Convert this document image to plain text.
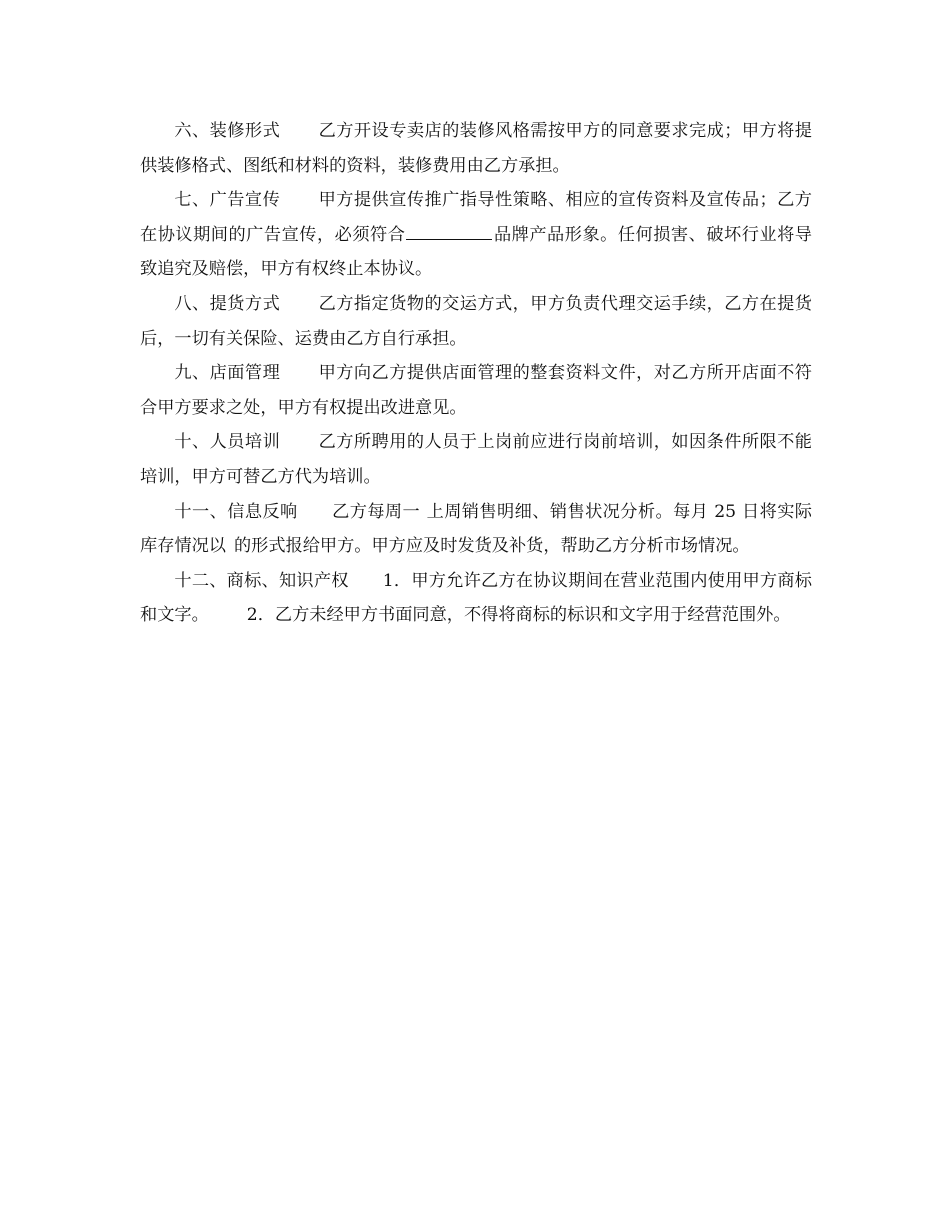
六、装修形式 乙方开设专卖店的装修风格需按甲方的同意要求完成；甲方将提供装修格式、图纸和材料的资料，装修费用由乙方承担。

七、广告宣传 甲方提供宣传推广指导性策略、相应的宣传资料及宣传品；乙方在协议期间的广告宣传，必须符合	品牌产品形象。任何损害、破坏行业将导致追究及赔偿，甲方有权终止本协议。

八、提货方式 乙方指定货物的交运方式，甲方负责代理交运手续，乙方在提货后，一切有关保险、运费由乙方自行承担。

九、店面管理 甲方向乙方提供店面管理的整套资料文件，对乙方所开店面不符合甲方要求之处，甲方有权提出改进意见。

十、人员培训 乙方所聘用的人员于上岗前应进行岗前培训，如因条件所限不能培训，甲方可替乙方代为培训。

十一、信息反响 乙方每周一 上周销售明细、销售状况分析。每月 25 日将实际库存情况以 的形式报给甲方。甲方应及时发货及补货，帮助乙方分析市场情况。

十二、商标、知识产权 1．甲方允许乙方在协议期间在营业范围内使用甲方商标和文字。 2．乙方未经甲方书面同意，不得将商标的标识和文字用于经营范围外。
